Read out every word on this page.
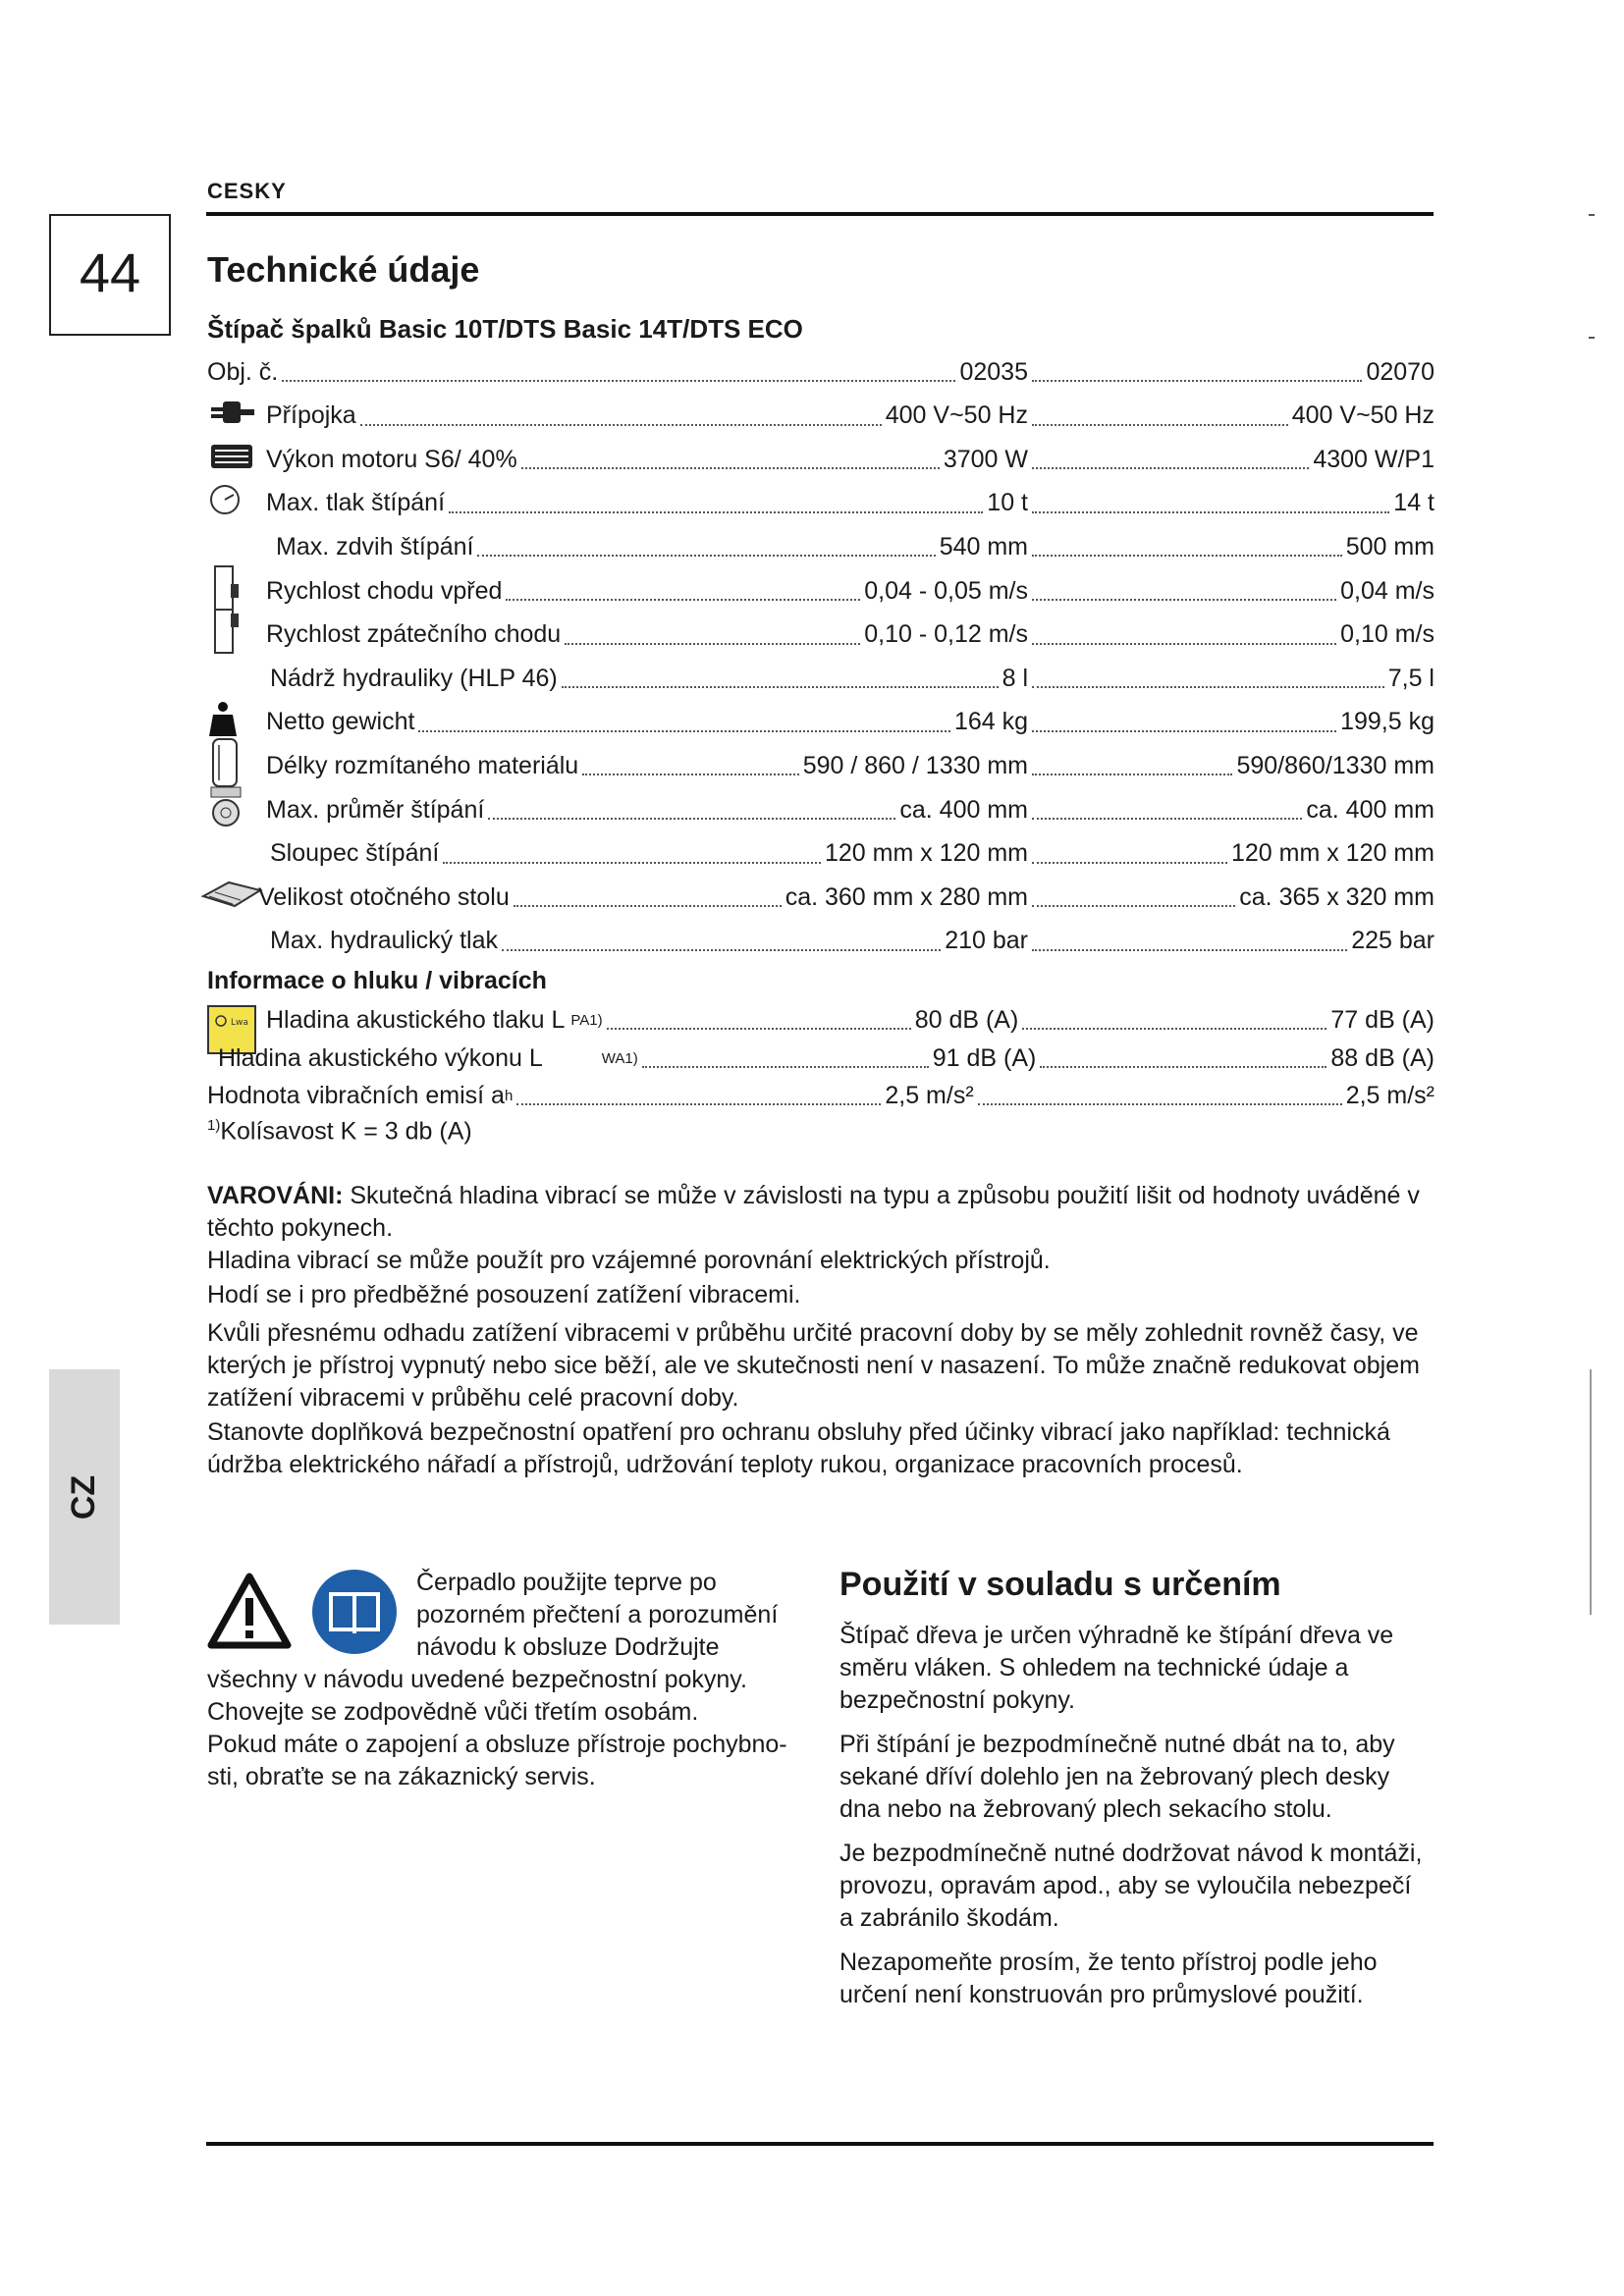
CESKY
44
CZ
Technické údaje
Štípač špalků Basic 10T/DTS Basic 14T/DTS ECO
Obj. č.	02035	02070
Přípojka	400 V~50 Hz	400 V~50 Hz
Výkon motoru S6/ 40%	3700 W	4300 W/P1
Max. tlak štípání	10 t	14 t
Max. zdvih štípání	540 mm	500 mm
Rychlost chodu vpřed	0,04 - 0,05 m/s	0,04 m/s
Rychlost zpátečního chodu	0,10 - 0,12 m/s	0,10 m/s
Nádrž hydrauliky (HLP 46)	8 l	7,5 l
Netto gewicht	164 kg	199,5 kg
Délky rozmítaného materiálu	590 / 860 / 1330 mm	590/860/1330 mm
Max. průměr štípání	ca. 400 mm	ca. 400 mm
Sloupec štípání	120 mm x 120 mm	120 mm x 120 mm
Velikost otočného stolu	ca. 360 mm x 280 mm	ca. 365 x 320 mm
Max. hydraulický tlak	210 bar	225 bar
Informace o hluku / vibracích
Lwa Hladina akustického tlaku L PA 1)	80 dB (A)	77 dB (A)
Hladina akustického výkonu L	WA 1)	91 dB (A)	88 dB (A)
Hodnota vibračních emisí a h	2,5 m/s²	2,5 m/s²
$^{1)}$Kolísavost K = 3 db (A)
VAROVÁNI: Skutečná hladina vibrací se může v závislosti na typu a způsobu použití lišit od hodnoty uváděné v těchto pokynech.
Hladina vibrací se může použít pro vzájemné porovnání elektrických přístrojů.
Hodí se i pro předběžné posouzení zatížení vibracemi.
Kvůli přesnému odhadu zatížení vibracemi v průběhu určité pracovní doby by se měly zohlednit rovněž časy, ve kterých je přístroj vypnutý nebo sice běží, ale ve skutečnosti není v nasazení. To může značně redukovat objem zatížení vibracemi v průběhu celé pracovní doby.
Stanovte doplňková bezpečnostní opatření pro ochranu obsluhy před účinky vibrací jako například: technická údržba elektrického nářadí a přístrojů, udržování teploty rukou, organizace pracovních procesů.
Čerpadlo použijte teprve po
pozorném přečtení a porozumění
návodu k obsluze Dodržujte
všechny v návodu uvedené bezpečnostní pokyny.
Chovejte se zodpovědně vůči třetím osobám.
Pokud máte o zapojení a obsluze přístroje pochybno-
sti, obraťte se na zákaznický servis.
Použití v souladu s určením

Štípač dřeva je určen výhradně ke štípání dřeva ve směru vláken. S ohledem na technické údaje a bezpečnostní pokyny.

Při štípání je bezpodmínečně nutné dbát na to, aby sekané dříví dolehlo jen na žebrovaný plech desky dna nebo na žebrovaný plech sekacího stolu.

Je bezpodmínečně nutné dodržovat návod k montáži, provozu, opravám apod., aby se vyloučila nebezpečí a zabránilo škodám.

Nezapomeňte prosím, že tento přístroj podle jeho určení není konstruován pro průmyslové použití.
